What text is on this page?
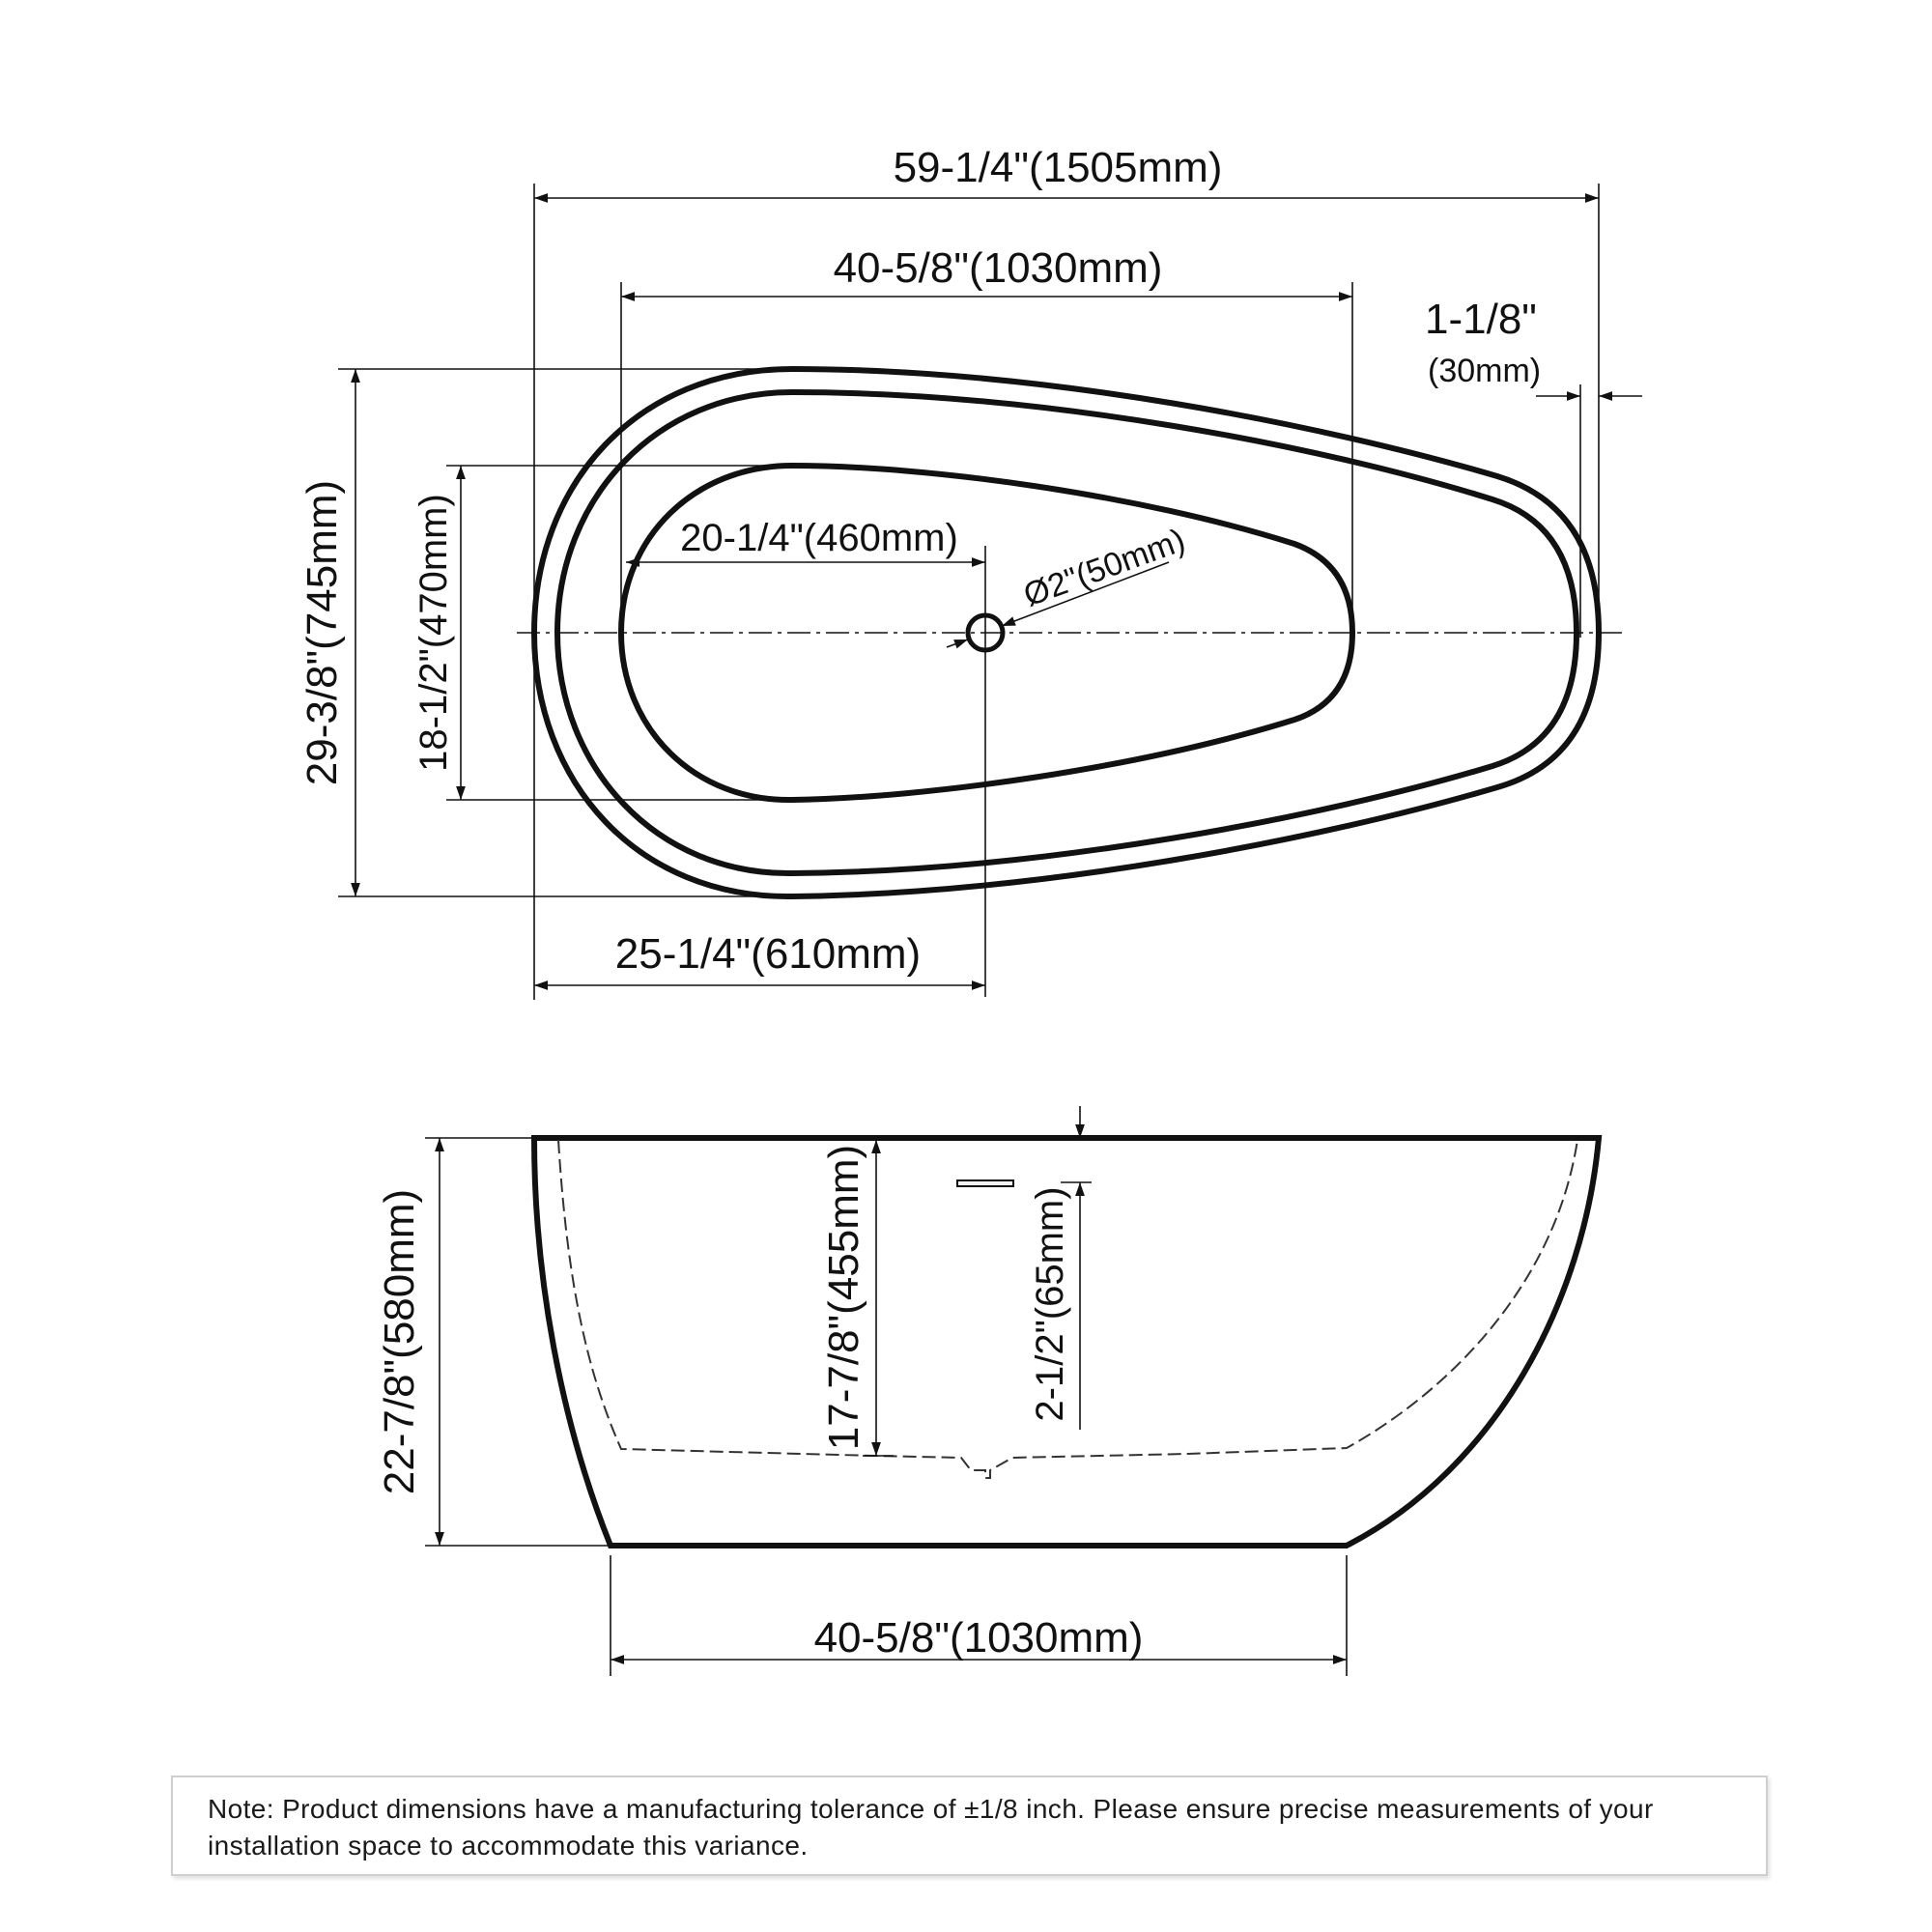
59-1/4"(1505mm)
40-5/8"(1030mm)
1-1/8"
(30mm)
29-3/8"(745mm) 18-1/2"(470mm)	20-1/4"(460mm) Ø2"(50mm)
25-1/4"(610mm)
22-7/8"(580mm)	17-7/8"(455mm)	2-1/2"(65mm)
40-5/8"(1030mm)

Note: Product dimensions have a manufacturing tolerance of ±1/8 inch. Please ensure precise measurements of your installation space to accommodate this variance.
